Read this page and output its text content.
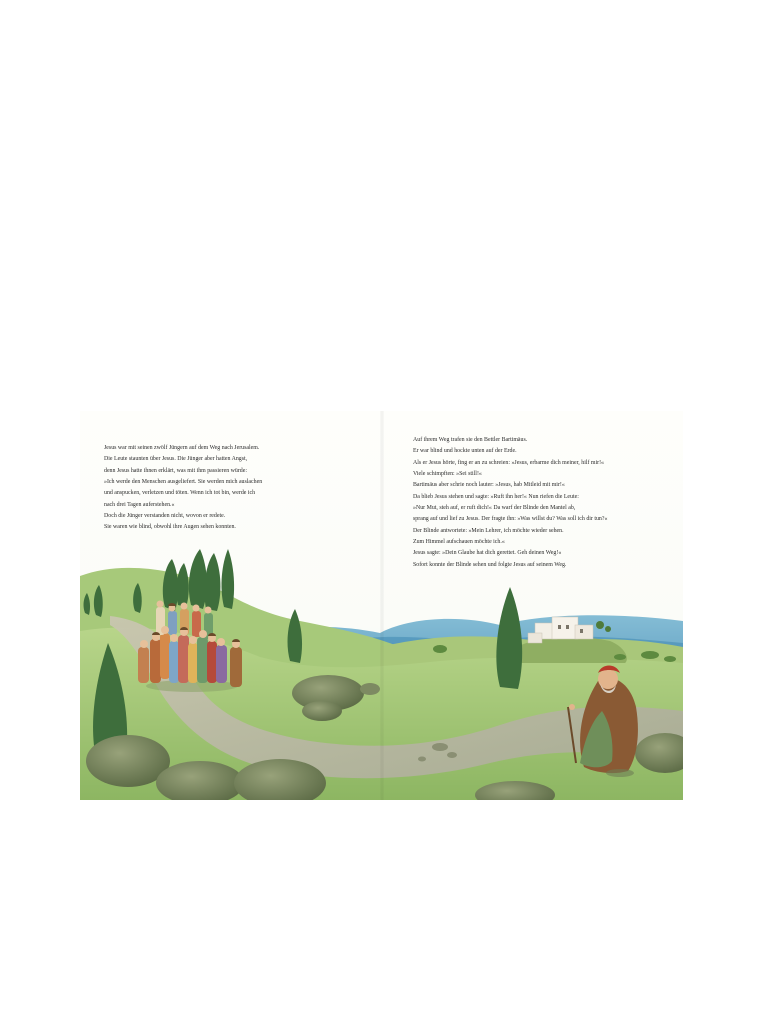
Jesus war mit seinen zwölf Jüngern auf dem Weg nach Jerusalem.
Die Leute staunten über Jesus. Die Jünger aber hatten Angst,
denn Jesus hatte ihnen erklärt, was mit ihm passieren würde:
»Ich werde den Menschen ausgeliefert. Sie werden mich auslachen
und anspucken, verletzen und töten. Wenn ich tot bin, werde ich
nach drei Tagen auferstehen.«
Doch die Jünger verstanden nicht, wovon er redete.
Sie waren wie blind, obwohl ihre Augen sehen konnten.
Auf ihrem Weg trafen sie den Bettler Bartimäus.
Er war blind und hockte unten auf der Erde.
Als er Jesus hörte, fing er an zu schreien: »Jesus, erbarme dich meiner, hilf mir!«
Viele schimpften: »Sei still!«
Bartimäus aber schrie noch lauter: »Jesus, hab Mitleid mit mir!«
Da blieb Jesus stehen und sagte: »Ruft ihn her!« Nun riefen die Leute:
»Nur Mut, steh auf, er ruft dich!« Da warf der Blinde den Mantel ab,
sprang auf und lief zu Jesus. Der fragte ihn: »Was willst du? Was soll ich dir tun?«
Der Blinde antwortete: »Mein Lehrer, ich möchte wieder sehen.
Zum Himmel aufschauen möchte ich.«
Jesus sagte: »Dein Glaube hat dich gerettet. Geh deinen Weg!«
Sofort konnte der Blinde sehen und folgte Jesus auf seinem Weg.
